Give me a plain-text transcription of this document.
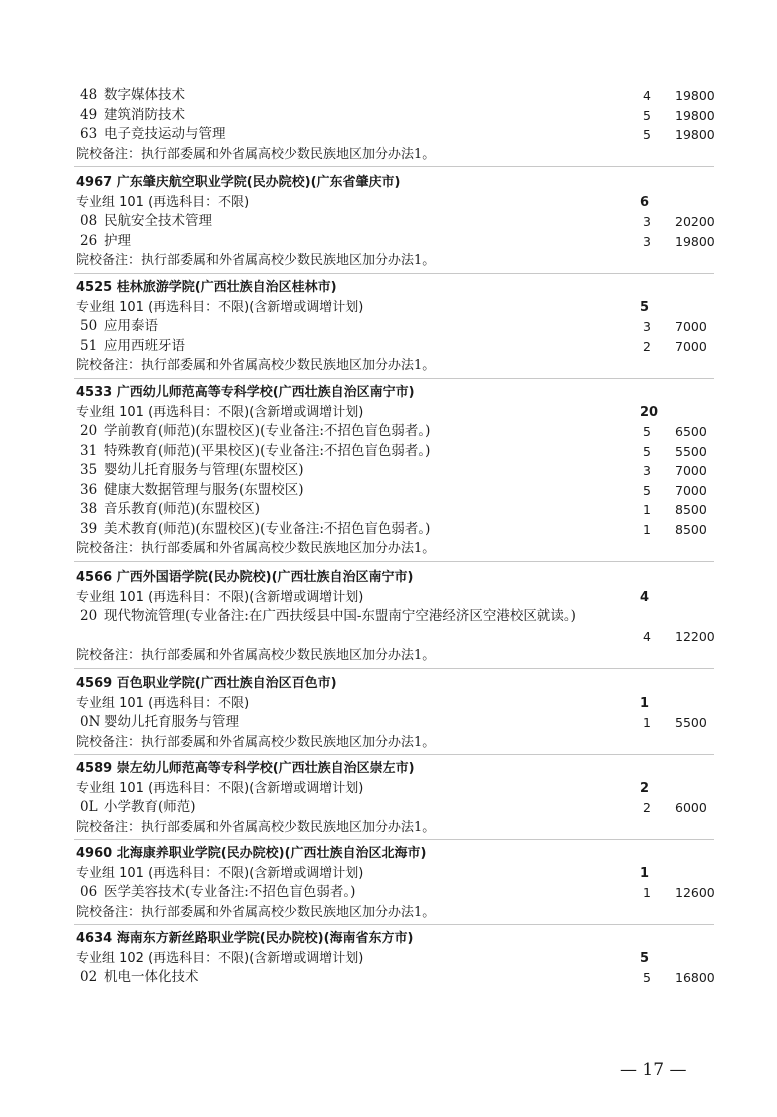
48 数字媒体技术	4 19800
49 建筑消防技术	5 19800
63 电子竞技运动与管理	5 19800
院校备注：执行部委属和外省属高校少数民族地区加分办法1。
4967 广东肇庆航空职业学院(民办院校)(广东省肇庆市)
专业组 101 (再选科目：不限)	6
08 民航安全技术管理	3 20200
26 护理	3 19800
院校备注：执行部委属和外省属高校少数民族地区加分办法1。
4525 桂林旅游学院(广西壮族自治区桂林市)
专业组 101 (再选科目：不限)(含新增或调增计划)	5
50 应用泰语	3 7000
51 应用西班牙语	2 7000
院校备注：执行部委属和外省属高校少数民族地区加分办法1。
4533 广西幼儿师范高等专科学校(广西壮族自治区南宁市)
专业组 101 (再选科目：不限)(含新增或调增计划)	20
20 学前教育(师范)(东盟校区)(专业备注:不招色盲色弱者。)	5 6500
31 特殊教育(师范)(平果校区)(专业备注:不招色盲色弱者。)	5 5500
35 婴幼儿托育服务与管理(东盟校区)	3 7000
36 健康大数据管理与服务(东盟校区)	5 7000
38 音乐教育(师范)(东盟校区)	1 8500
39 美术教育(师范)(东盟校区)(专业备注:不招色盲色弱者。)	1 8500
院校备注：执行部委属和外省属高校少数民族地区加分办法1。
4566 广西外国语学院(民办院校)(广西壮族自治区南宁市)
专业组 101 (再选科目：不限)(含新增或调增计划)	4
20 现代物流管理(专业备注:在广西扶绥县中国-东盟南宁空港经济区空港校区就读。)
4 12200
院校备注：执行部委属和外省属高校少数民族地区加分办法1。
4569 百色职业学院(广西壮族自治区百色市)
专业组 101 (再选科目：不限)	1
0N 婴幼儿托育服务与管理	1 5500
院校备注：执行部委属和外省属高校少数民族地区加分办法1。
4589 崇左幼儿师范高等专科学校(广西壮族自治区崇左市)
专业组 101 (再选科目：不限)(含新增或调增计划)	2
0L 小学教育(师范)	2 6000
院校备注：执行部委属和外省属高校少数民族地区加分办法1。
4960 北海康养职业学院(民办院校)(广西壮族自治区北海市)
专业组 101 (再选科目：不限)(含新增或调增计划)	1
06 医学美容技术(专业备注:不招色盲色弱者。)	1 12600
院校备注：执行部委属和外省属高校少数民族地区加分办法1。
4634 海南东方新丝路职业学院(民办院校)(海南省东方市)
专业组 102 (再选科目：不限)(含新增或调增计划)	5
02 机电一体化技术	5 16800
— 17 —
